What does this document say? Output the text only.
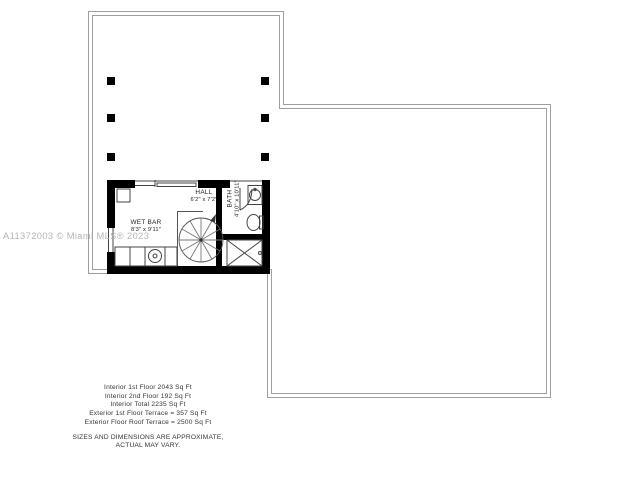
HALL
6'2" x 7'2"
WET BAR
8'3" x 9'11"
BATH 4'10" x 10'11"
A11372003 © Miami MLS® 2023
Interior 1st Floor 2043 Sq Ft
Interior 2nd Floor 192 Sq Ft
Interior Total 2235 Sq Ft
Exterior 1st Floor Terrace = 357 Sq Ft
Exterior Floor Roof Terrace = 2500 Sq Ft
SIZES AND DIMENSIONS ARE APPROXIMATE,
ACTUAL MAY VARY.
